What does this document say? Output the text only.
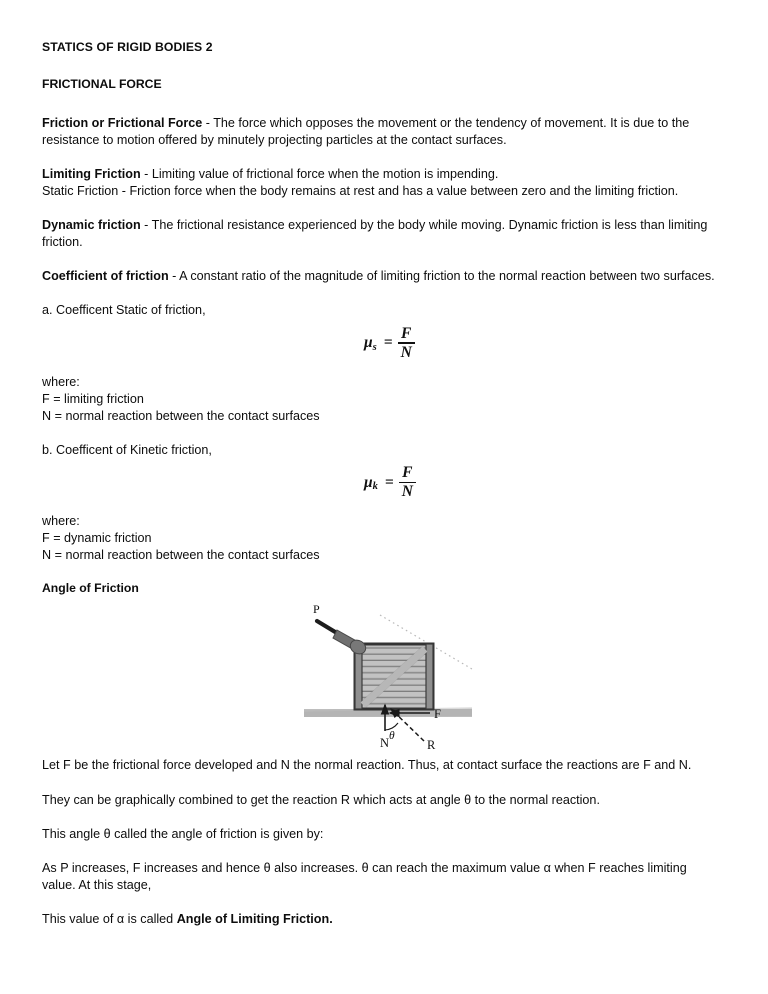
STATICS OF RIGID BODIES 2
FRICTIONAL FORCE

Friction or Frictional Force - The force which opposes the movement or the tendency of movement. It is due to the resistance to motion offered by minutely projecting particles at the contact surfaces.

Limiting Friction - Limiting value of frictional force when the motion is impending.
Static Friction - Friction force when the body remains at rest and has a value between zero and the limiting friction.

Dynamic friction - The frictional resistance experienced by the body while moving. Dynamic friction is less than limiting friction.

Coefficient of friction - A constant ratio of the magnitude of limiting friction to the normal reaction between two surfaces.

a. Coefficent Static of friction,

μ $s = \frac{F}{N}$
where:
F = limiting friction
N = normal reaction between the contact surfaces

b. Coefficent of Kinetic friction,

μ $k = \frac{F}{N}$
where:
F = dynamic friction
N = normal reaction between the contact surfaces
Angle of Friction
P
N
F
R
θ

Let F be the frictional force developed and N the normal reaction. Thus, at contact surface the reactions are F and N.

They can be graphically combined to get the reaction R which acts at angle θ to the normal reaction.

This angle θ called the angle of friction is given by:

As P increases, F increases and hence θ also increases. θ can reach the maximum value α when F reaches limiting value. At this stage,

This value of α is called Angle of Limiting Friction.
